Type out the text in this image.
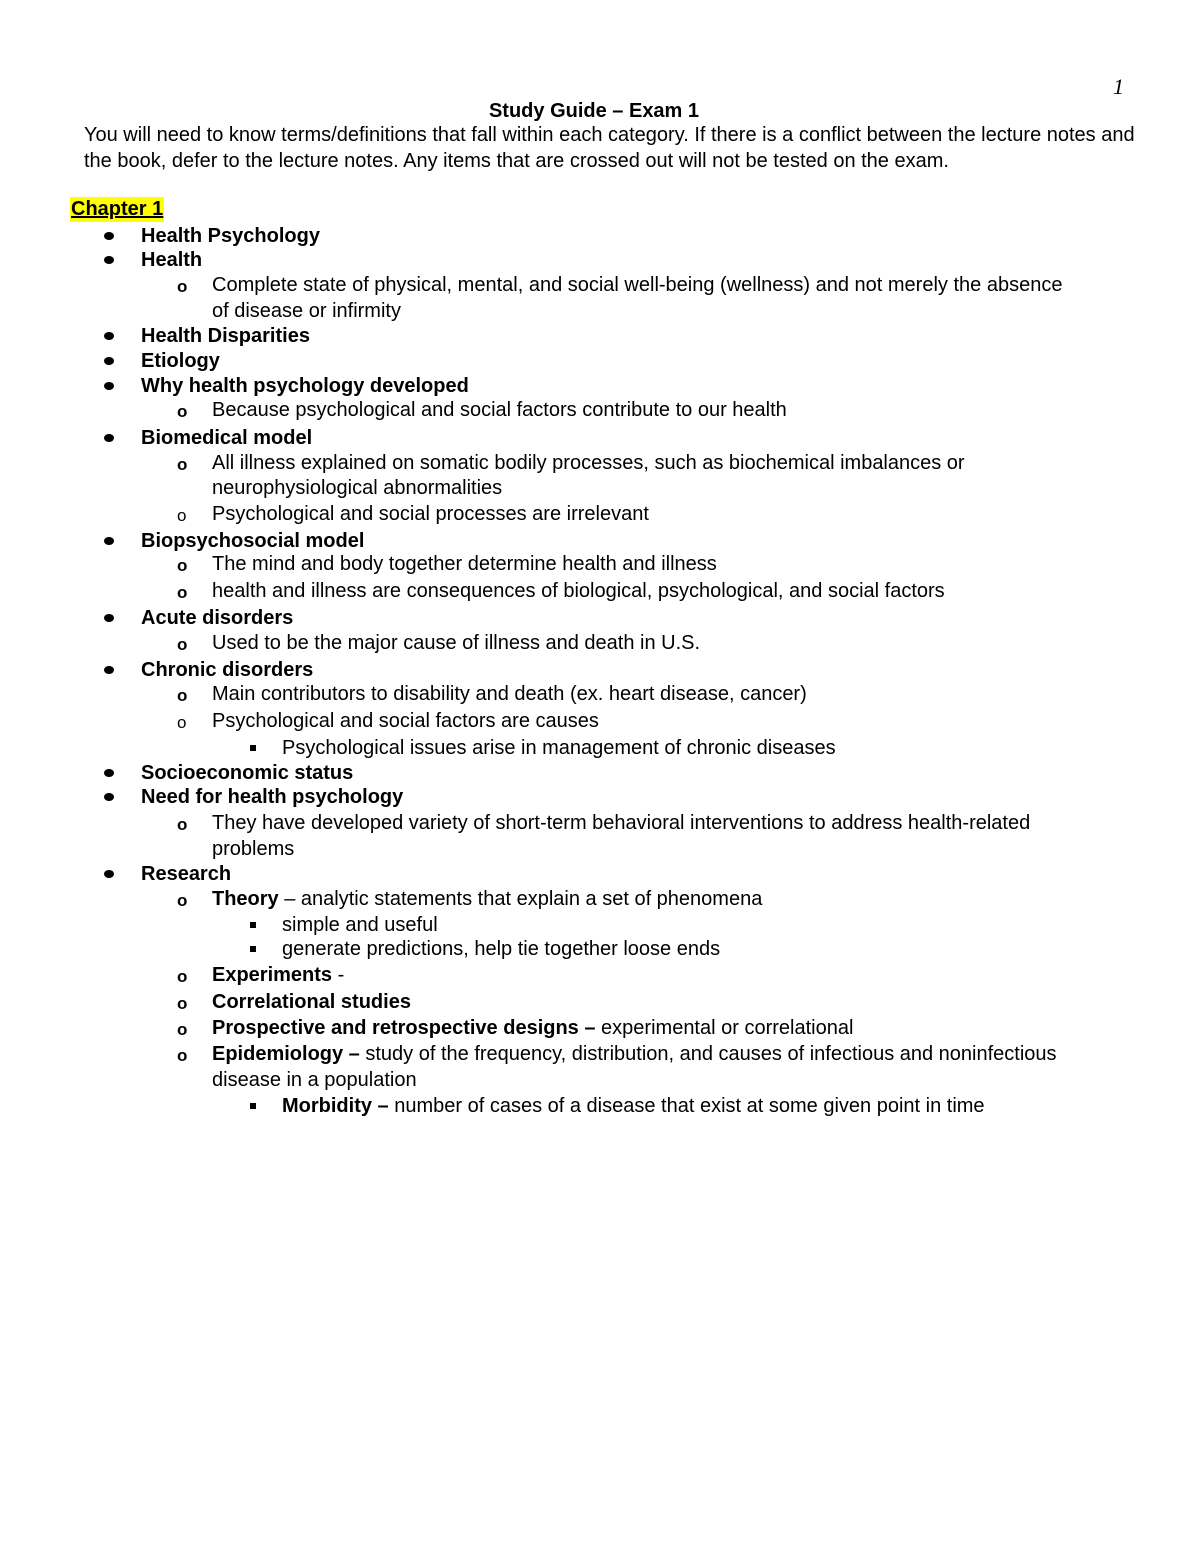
1
Study Guide – Exam 1
You will need to know terms/definitions that fall within each category. If there is a conflict between the lecture notes and the book, defer to the lecture notes. Any items that are crossed out will not be tested on the exam.
Chapter 1
Health Psychology
Health
o Complete state of physical, mental, and social well-being (wellness) and not merely the absence
of disease or infirmity
Health Disparities
Etiology
Why health psychology developed
o Because psychological and social factors contribute to our health
Biomedical model
o All illness explained on somatic bodily processes, such as biochemical imbalances or
neurophysiological abnormalities
o Psychological and social processes are irrelevant
Biopsychosocial model
o The mind and body together determine health and illness
o health and illness are consequences of biological, psychological, and social factors
Acute disorders
o Used to be the major cause of illness and death in U.S.
Chronic disorders
o Main contributors to disability and death (ex. heart disease, cancer)
o Psychological and social factors are causes
Psychological issues arise in management of chronic diseases
Socioeconomic status
Need for health psychology
o They have developed variety of short-term behavioral interventions to address health-related
problems
Research
o Theory – analytic statements that explain a set of phenomena
simple and useful
generate predictions, help tie together loose ends
o Experiments -
o Correlational studies
o Prospective and retrospective designs – experimental or correlational
o Epidemiology – study of the frequency, distribution, and causes of infectious and noninfectious
disease in a population
Morbidity – number of cases of a disease that exist at some given point in time
